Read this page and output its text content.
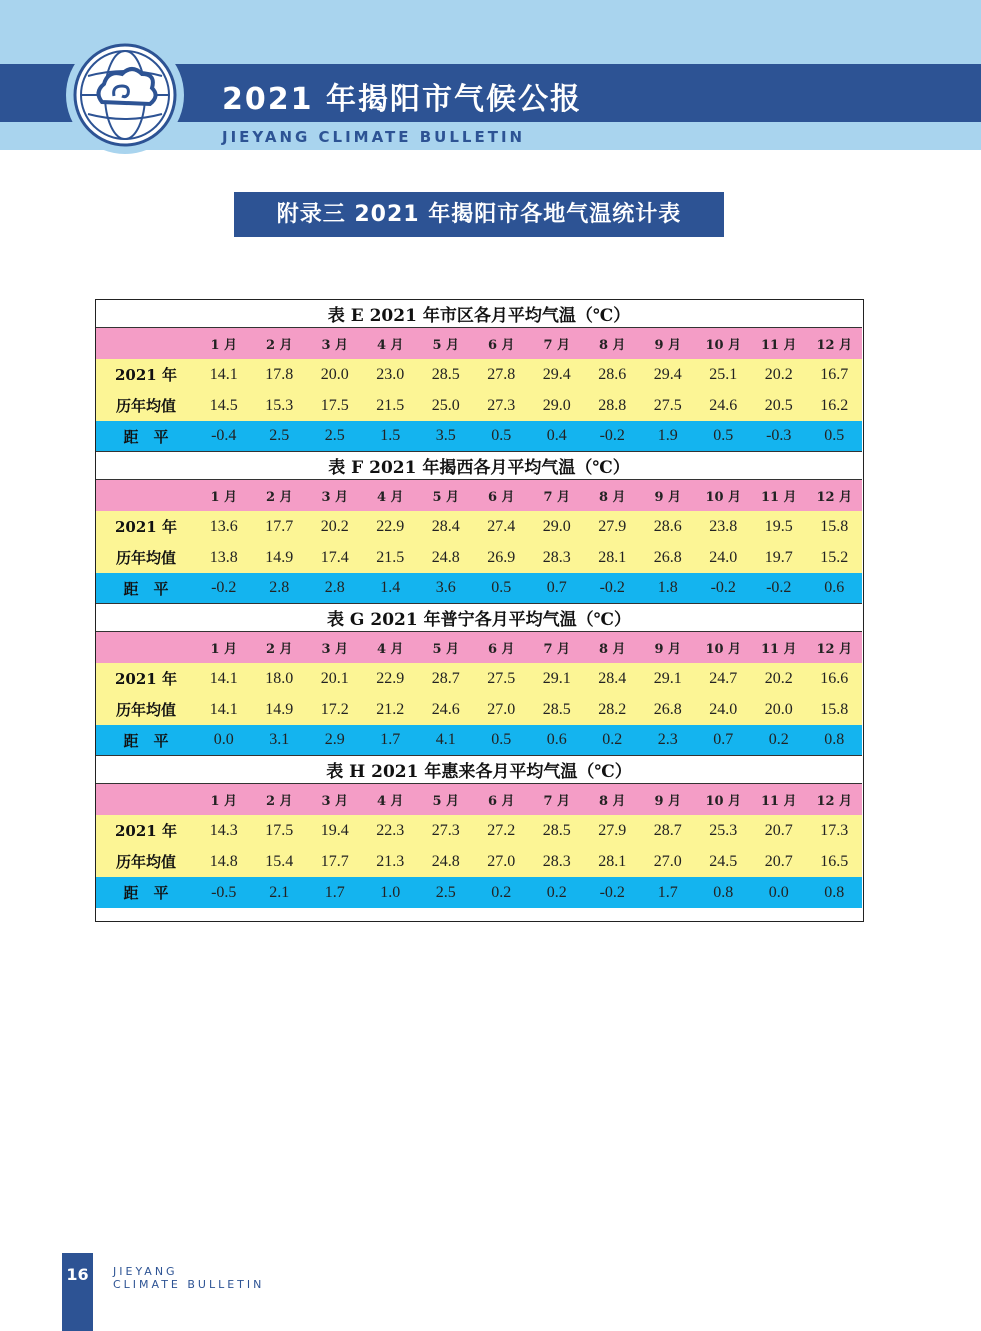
2021 年揭阳市气候公报
JIEYANG CLIMATE BULLETIN
附录三 2021 年揭阳市各地气温统计表
表 E 2021 年市区各月平均气温（℃）
1 月	2 月	3 月	4 月	5 月	6 月	7 月	8 月	9 月	10 月	11 月	12 月
2021 年	14.1	17.8	20.0	23.0	28.5	27.8	29.4	28.6	29.4	25.1	20.2	16.7
历年均值	14.5	15.3	17.5	21.5	25.0	27.3	29.0	28.8	27.5	24.6	20.5	16.2
距　平	-0.4	2.5	2.5	1.5	3.5	0.5	0.4	-0.2	1.9	0.5	-0.3	0.5
表 F 2021 年揭西各月平均气温（℃）
1 月	2 月	3 月	4 月	5 月	6 月	7 月	8 月	9 月	10 月	11 月	12 月
2021 年	13.6	17.7	20.2	22.9	28.4	27.4	29.0	27.9	28.6	23.8	19.5	15.8
历年均值	13.8	14.9	17.4	21.5	24.8	26.9	28.3	28.1	26.8	24.0	19.7	15.2
距　平	-0.2	2.8	2.8	1.4	3.6	0.5	0.7	-0.2	1.8	-0.2	-0.2	0.6
表 G 2021 年普宁各月平均气温（℃）
1 月	2 月	3 月	4 月	5 月	6 月	7 月	8 月	9 月	10 月	11 月	12 月
2021 年	14.1	18.0	20.1	22.9	28.7	27.5	29.1	28.4	29.1	24.7	20.2	16.6
历年均值	14.1	14.9	17.2	21.2	24.6	27.0	28.5	28.2	26.8	24.0	20.0	15.8
距　平	0.0	3.1	2.9	1.7	4.1	0.5	0.6	0.2	2.3	0.7	0.2	0.8
表 H 2021 年惠来各月平均气温（℃）
1 月	2 月	3 月	4 月	5 月	6 月	7 月	8 月	9 月	10 月	11 月	12 月
2021 年	14.3	17.5	19.4	22.3	27.3	27.2	28.5	27.9	28.7	25.3	20.7	17.3
历年均值	14.8	15.4	17.7	21.3	24.8	27.0	28.3	28.1	27.0	24.5	20.7	16.5
距　平	-0.5	2.1	1.7	1.0	2.5	0.2	0.2	-0.2	1.7	0.8	0.0	0.8
16	JIEYANG
CLIMATE BULLETIN
